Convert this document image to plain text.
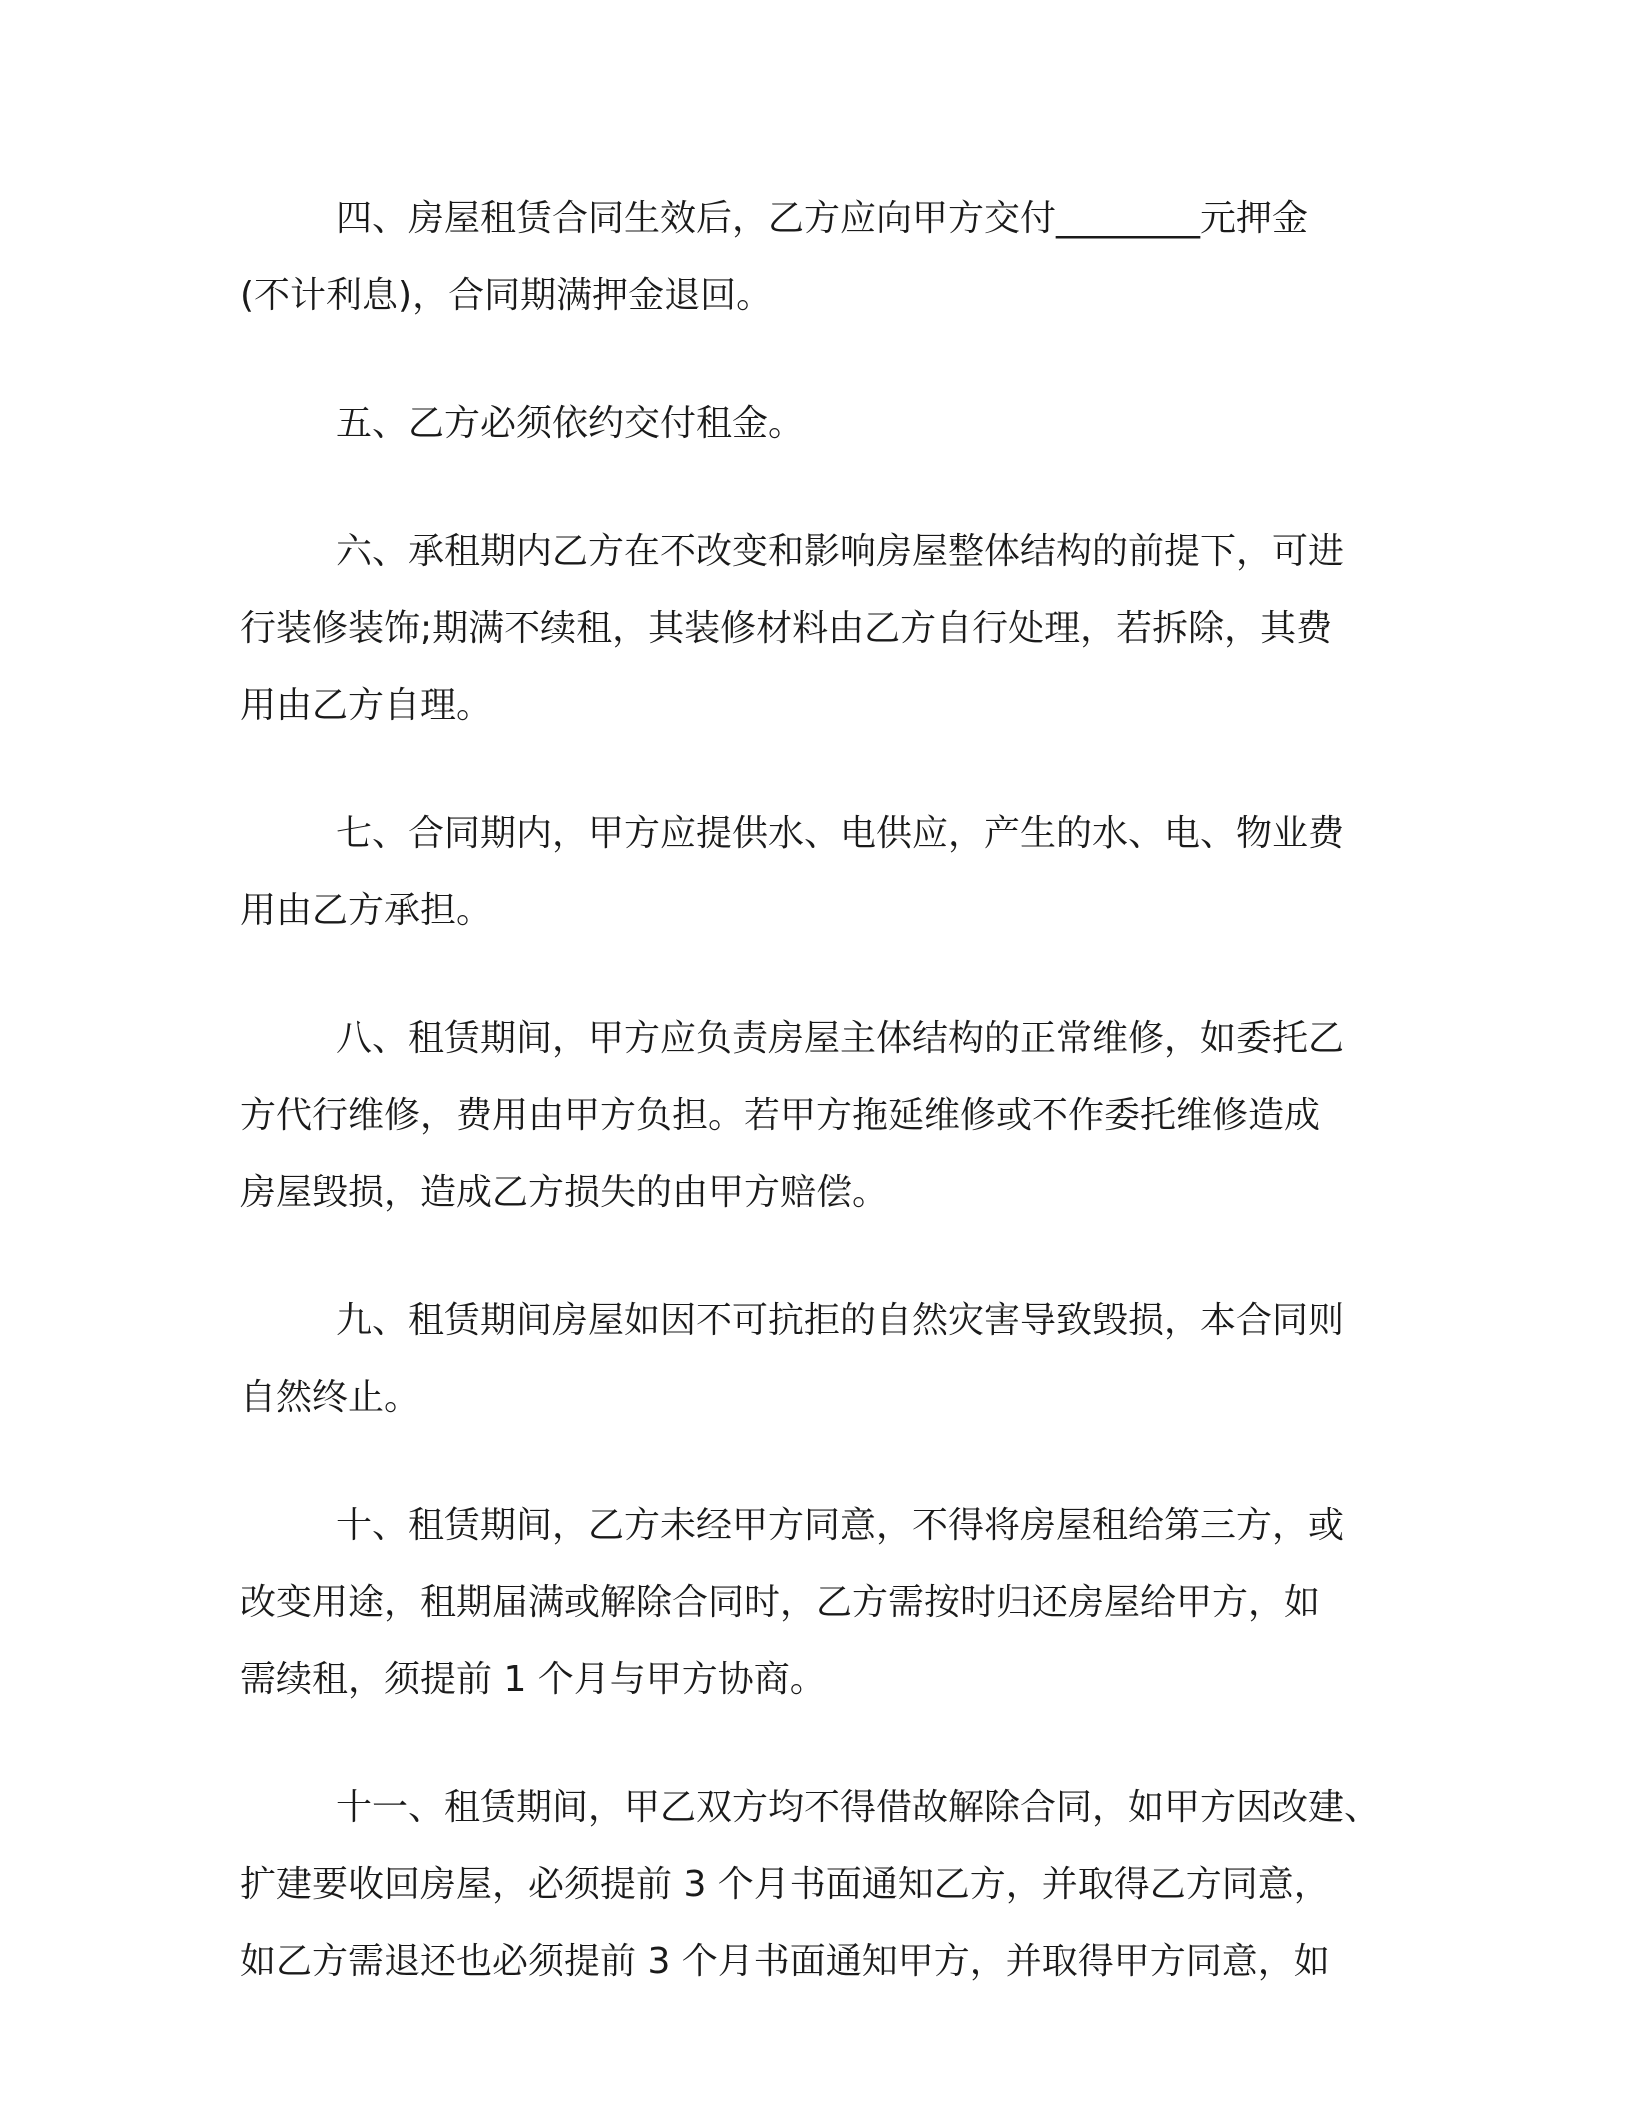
四、房屋租赁合同生效后，乙方应向甲方交付________元押金
(不计利息)，合同期满押金退回。
五、乙方必须依约交付租金。
六、承租期内乙方在不改变和影响房屋整体结构的前提下，可进
行装修装饰;期满不续租，其装修材料由乙方自行处理，若拆除，其费
用由乙方自理。
七、合同期内，甲方应提供水、电供应，产生的水、电、物业费
用由乙方承担。
八、租赁期间，甲方应负责房屋主体结构的正常维修，如委托乙
方代行维修，费用由甲方负担。若甲方拖延维修或不作委托维修造成
房屋毁损，造成乙方损失的由甲方赔偿。
九、租赁期间房屋如因不可抗拒的自然灾害导致毁损，本合同则
自然终止。
十、租赁期间，乙方未经甲方同意，不得将房屋租给第三方，或
改变用途，租期届满或解除合同时，乙方需按时归还房屋给甲方，如
需续租，须提前 1 个月与甲方协商。
十一、租赁期间，甲乙双方均不得借故解除合同，如甲方因改建、
扩建要收回房屋，必须提前 3 个月书面通知乙方，并取得乙方同意，
如乙方需退还也必须提前 3 个月书面通知甲方，并取得甲方同意，如
